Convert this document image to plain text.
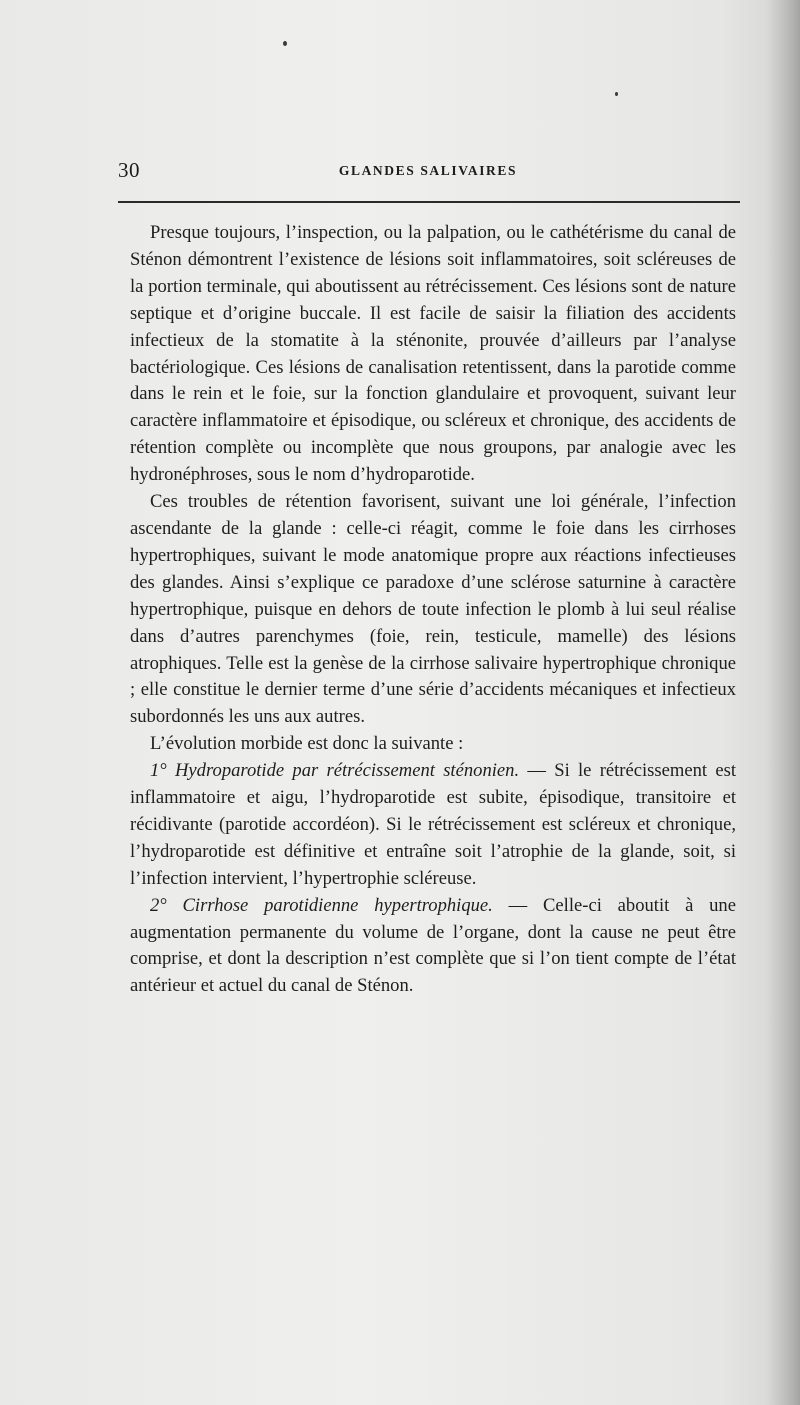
30	GLANDES SALIVAIRES

Presque toujours, l’inspection, ou la palpation, ou le cathétérisme du canal de Sténon démontrent l’existence de lésions soit inflammatoires, soit scléreuses de la portion terminale, qui aboutissent au rétrécissement. Ces lésions sont de nature septique et d’origine buccale. Il est facile de saisir la filiation des accidents infectieux de la stomatite à la sténonite, prouvée d’ailleurs par l’analyse bactériologique. Ces lésions de canalisation retentissent, dans la parotide comme dans le rein et le foie, sur la fonction glandulaire et provoquent, suivant leur caractère inflammatoire et épisodique, ou scléreux et chronique, des accidents de rétention complète ou incomplète que nous groupons, par analogie avec les hydronéphroses, sous le nom d’hydroparotide.

Ces troubles de rétention favorisent, suivant une loi générale, l’infection ascendante de la glande : celle-ci réagit, comme le foie dans les cirrhoses hypertrophiques, suivant le mode anatomique propre aux réactions infectieuses des glandes. Ainsi s’explique ce paradoxe d’une sclérose saturnine à caractère hypertrophique, puisque en dehors de toute infection le plomb à lui seul réalise dans d’autres parenchymes (foie, rein, testicule, mamelle) des lésions atrophiques. Telle est la genèse de la cirrhose salivaire hypertrophique chronique ; elle constitue le dernier terme d’une série d’accidents mécaniques et infectieux subordonnés les uns aux autres.

L’évolution morbide est donc la suivante :

1° Hydroparotide par rétrécissement sténonien. — Si le rétrécissement est inflammatoire et aigu, l’hydroparotide est subite, épisodique, transitoire et récidivante (parotide accordéon). Si le rétrécissement est scléreux et chronique, l’hydroparotide est définitive et entraîne soit l’atrophie de la glande, soit, si l’infection intervient, l’hypertrophie scléreuse.

2° Cirrhose parotidienne hypertrophique. — Celle-ci aboutit à une augmentation permanente du volume de l’organe, dont la cause ne peut être comprise, et dont la description n’est complète que si l’on tient compte de l’état antérieur et actuel du canal de Sténon.
